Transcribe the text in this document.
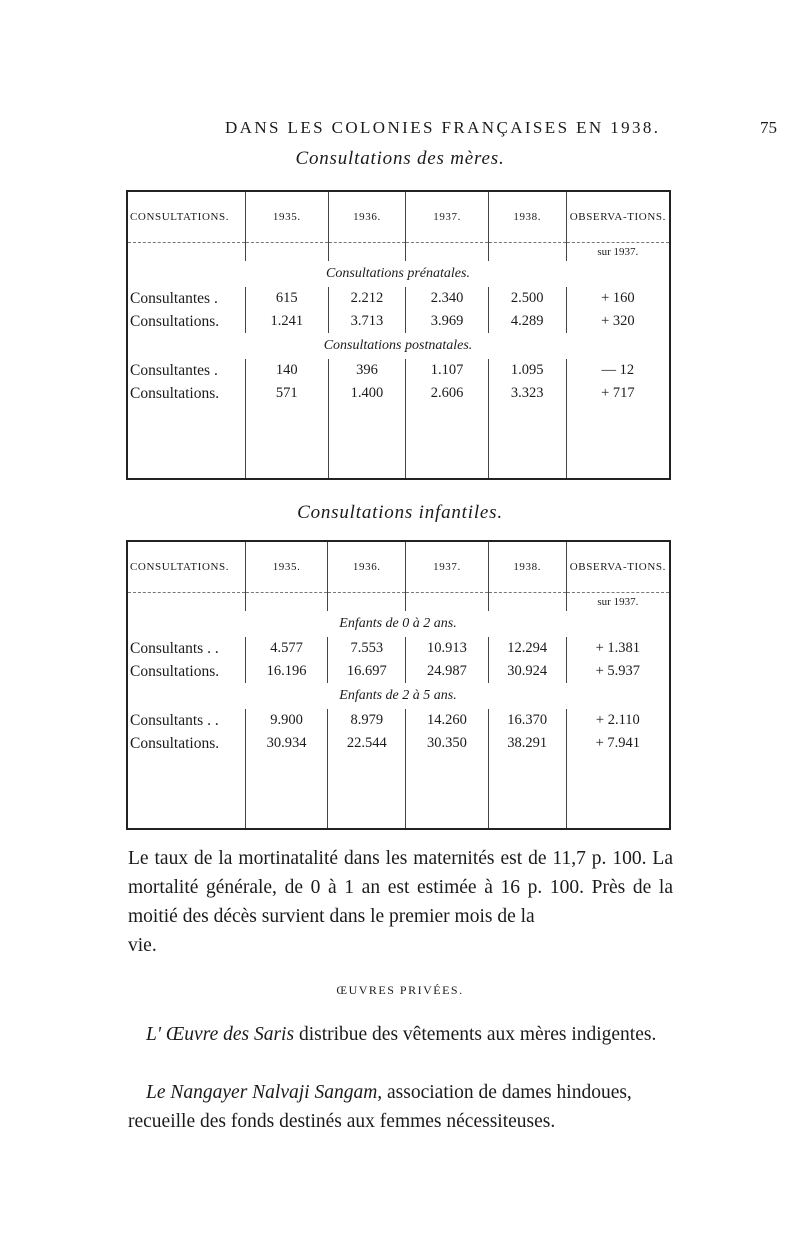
DANS LES COLONIES FRANÇAISES EN 1938.	75
Consultations des mères.
CONSULTATIONS.	1935.	1936.	1937.	1938.	OBSERVA-TIONS.
					sur 1937.
Consultations prénatales.					
Consultantes .	615	2.212	2.340	2.500	+ 160
Consultations.	1.241	3.713	3.969	4.289	+ 320
Consultations postnatales.					
Consultantes .	140	396	1.107	1.095	— 12
Consultations.	571	1.400	2.606	3.323	+ 717

Consultations infantiles.
CONSULTATIONS.	1935.	1936.	1937.	1938.	OBSERVA-TIONS.
					sur 1937.
Enfants de 0 à 2 ans.					
Consultants . .	4.577	7.553	10.913	12.294	+ 1.381
Consultations.	16.196	16.697	24.987	30.924	+ 5.937
Enfants de 2 à 5 ans.					
Consultants . .	9.900	8.979	14.260	16.370	+ 2.110
Consultations.	30.934	22.544	30.350	38.291	+ 7.941

Le taux de la mortinatalité dans les maternités est de 11,7 p. 100. La mortalité générale, de 0 à 1 an est estimée à 16 p. 100. Près de la moitié des décès survient dans le premier mois de la
vie.
ŒUVRES PRIVÉES.
L' Œuvre des Saris distribue des vêtements aux mères indigentes.
Le Nangayer Nalvaji Sangam, association de dames hindoues, recueille des fonds destinés aux femmes nécessiteuses.
